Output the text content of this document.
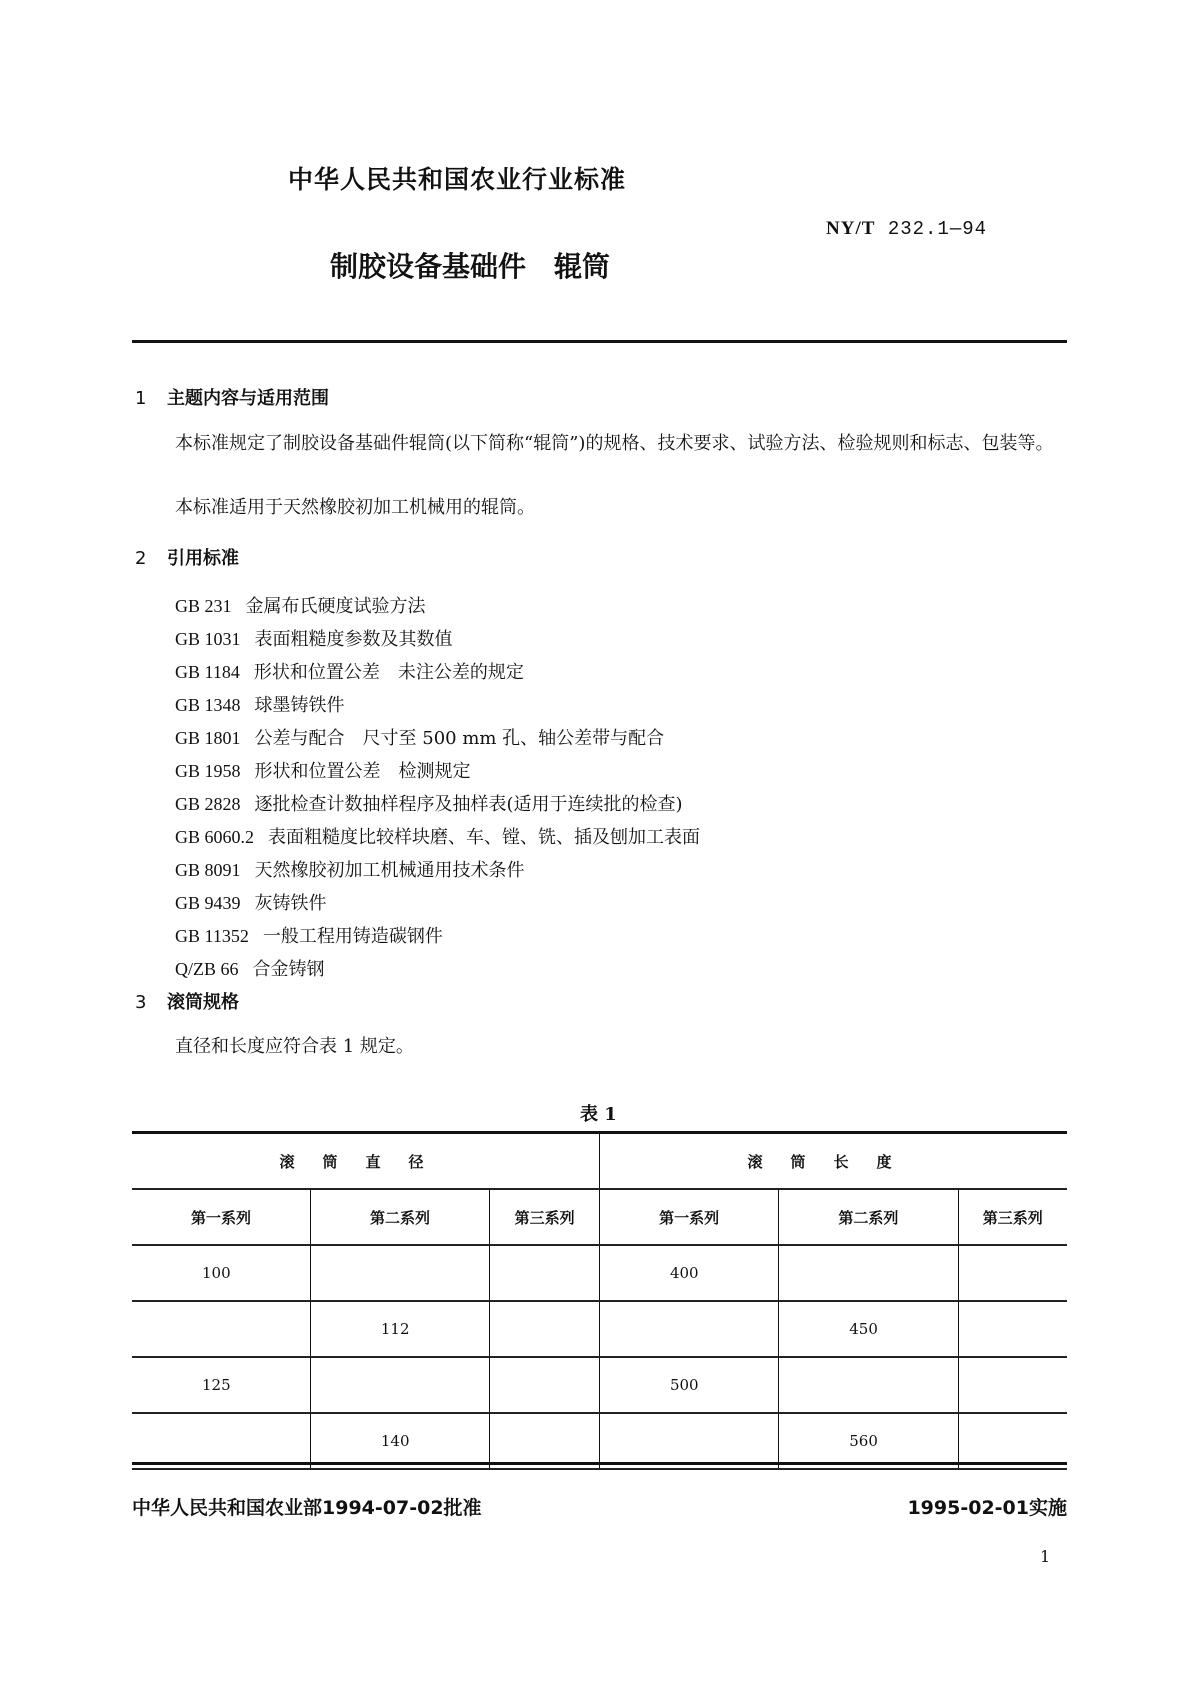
中华人民共和国农业行业标准
NY/T 232.1—94
制胶设备基础件　辊筒
1 主题内容与适用范围
本标准规定了制胶设备基础件辊筒(以下简称“辊筒”)的规格、技术要求、试验方法、检验规则和标志、包装等。
本标准适用于天然橡胶初加工机械用的辊筒。
2 引用标准
GB 231 金属布氏硬度试验方法
GB 1031 表面粗糙度参数及其数值
GB 1184 形状和位置公差　未注公差的规定
GB 1348 球墨铸铁件
GB 1801 公差与配合　尺寸至 500 mm 孔、轴公差带与配合
GB 1958 形状和位置公差　检测规定
GB 2828 逐批检查计数抽样程序及抽样表(适用于连续批的检查)
GB 6060.2 表面粗糙度比较样块磨、车、镗、铣、插及刨加工表面
GB 8091 天然橡胶初加工机械通用技术条件
GB 9439 灰铸铁件
GB 11352 一般工程用铸造碳钢件
Q/ZB 66 合金铸钢
3 滚筒规格
直径和长度应符合表 1 规定。
表 1
滚筒直径			滚筒长度		
第一系列	第二系列	第三系列	第一系列	第二系列	第三系列
100			400		
	112			450	
125			500		
	140			560	
中华人民共和国农业部1994-07-02批准	1995-02-01实施
1
